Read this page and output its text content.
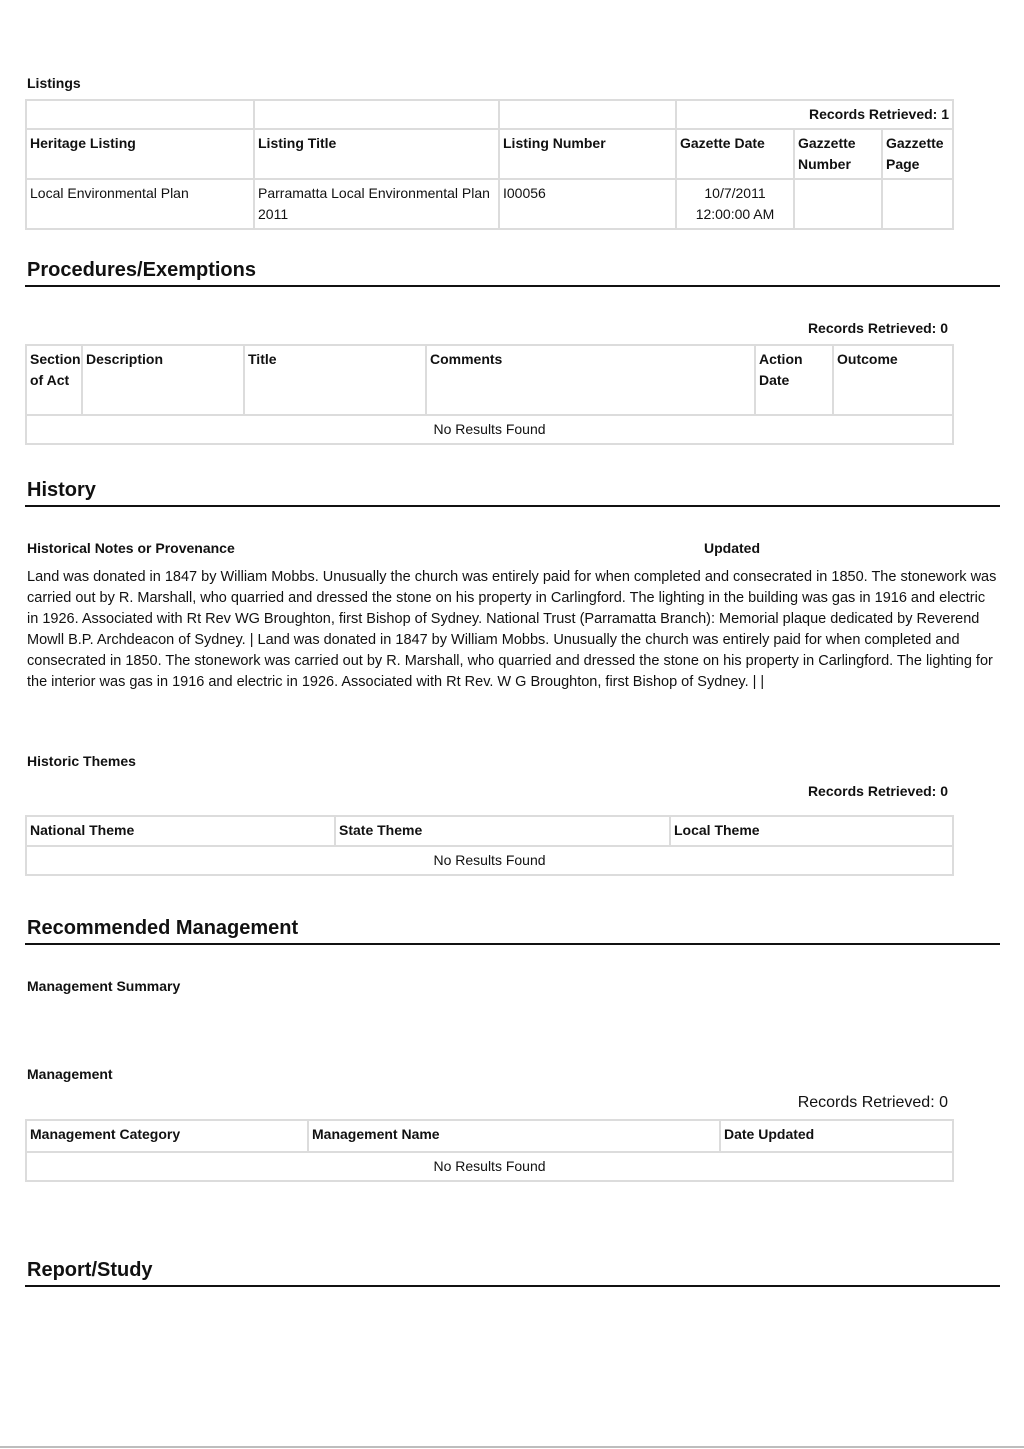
Listings
			Records Retrieved: 1		
Heritage Listing	Listing Title	Listing Number	Gazette Date	Gazzette Number	Gazzette Page
Local Environmental Plan	Parramatta Local Environmental Plan 2011	I00056	10/7/2011 12:00:00 AM		
Procedures/Exemptions
Records Retrieved: 0
Section of Act	Description	Title	Comments	Action Date	Outcome
No Results Found
History
Historical Notes or Provenance	Updated
Land was donated in 1847 by William Mobbs. Unusually the church was entirely paid for when completed and consecrated in 1850. The stonework was carried out by R. Marshall, who quarried and dressed the stone on his property in Carlingford. The lighting in the building was gas in 1916 and electric in 1926. Associated with Rt Rev WG Broughton, first Bishop of Sydney. National Trust (Parramatta Branch): Memorial plaque dedicated by Reverend Mowll B.P. Archdeacon of Sydney. | Land was donated in 1847 by William Mobbs. Unusually the church was entirely paid for when completed and consecrated in 1850. The stonework was carried out by R. Marshall, who quarried and dressed the stone on his property in Carlingford. The lighting for the interior was gas in 1916 and electric in 1926. Associated with Rt Rev. W G Broughton, first Bishop of Sydney. | |
Historic Themes
Records Retrieved: 0
National Theme	State Theme	Local Theme
No Results Found
Recommended Management
Management Summary
Management
Records Retrieved: 0
Management Category	Management Name	Date Updated
No Results Found
Report/Study
